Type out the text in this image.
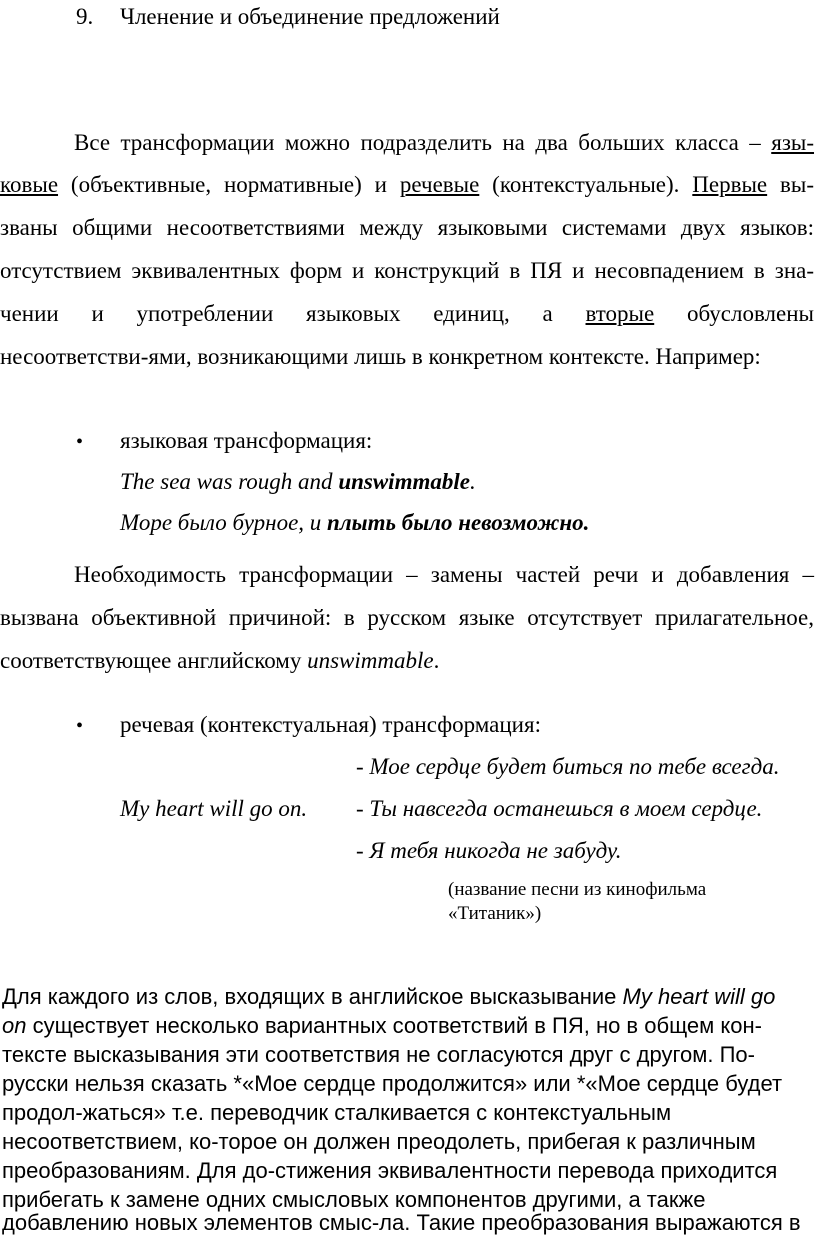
9. Членение и объединение предложений
Все трансформации можно подразделить на два больших класса – язы-
ковые (объективные, нормативные) и речевые (контекстуальные). Первые вы-
званы общими несоответствиями между языковыми системами двух языков:
отсутствием эквивалентных форм и конструкций в ПЯ и несовпадением в зна-
чении и употреблении языковых единиц, а вторые обусловлены
несоответстви-ями, возникающими лишь в конкретном контексте. Например:
• языковая трансформация:
The sea was rough and unswimmable.
Море было бурное, и плыть было невозможно.
Необходимость трансформации – замены частей речи и добавления –
вызвана объективной причиной: в русском языке отсутствует прилагательное,
соответствующее английскому unswimmable.
• речевая (контекстуальная) трансформация:
- Мое сердце будет биться по тебе всегда.
My heart will go on. - Ты навсегда останешься в моем сердце.
- Я тебя никогда не забуду.
(название песни из кинофильма
«Титаник»)
Для каждого из слов, входящих в английское высказывание My heart will go
on существует несколько вариантных соответствий в ПЯ, но в общем кон-
тексте высказывания эти соответствия не согласуются друг с другом. По-
русски нельзя сказать *«Мое сердце продолжится» или *«Мое сердце будет
продол-жаться» т.е. переводчик сталкивается с контекстуальным
несоответствием, ко-торое он должен преодолеть, прибегая к различным
преобразованиям. Для до-стижения эквивалентности перевода приходится
прибегать к замене одних смысловых компонентов другими, а также
добавлению новых элементов смыс-ла. Такие преобразования выражаются в
